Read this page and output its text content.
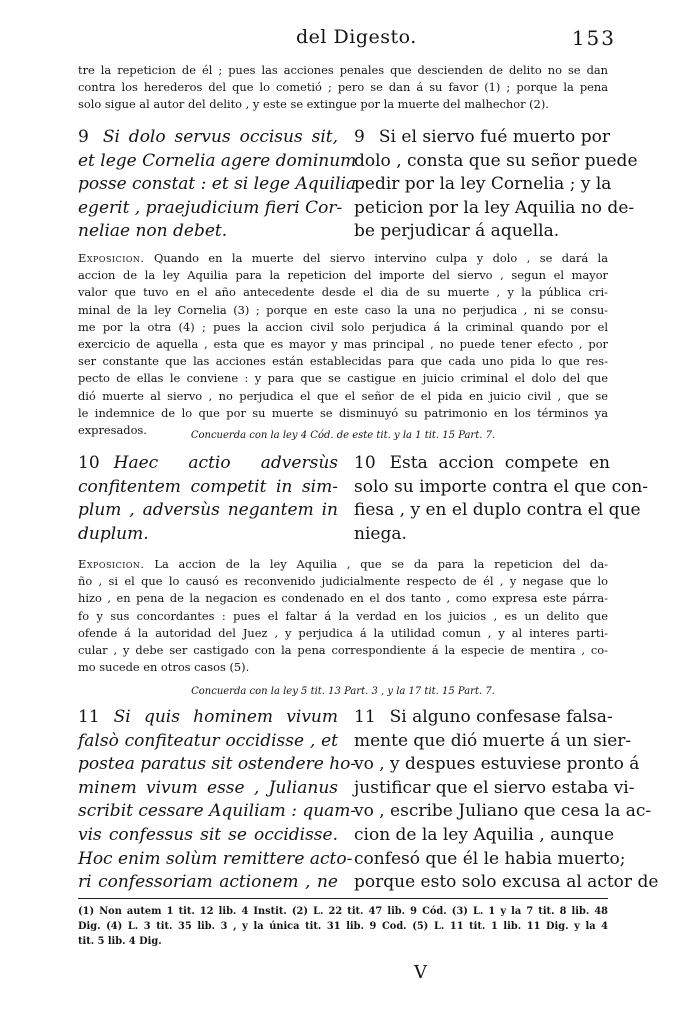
del Digesto.	153
tre la repeticion de él ; pues las acciones penales que descienden de delito no se dan
contra los herederos del que lo cometió ; pero se dan á su favor (1) ; porque la pena
solo sigue al autor del delito , y este se extingue por la muerte del malhechor (2).
9 Si dolo servus occisus sit,
et lege Cornelia agere dominum
posse constat : et si lege Aquilia
egerit , praejudicium fieri Cor-
neliae non debet.
9 Si el siervo fué muerto por
dolo , consta que su señor puede
pedir por la ley Cornelia ; y la
peticion por la ley Aquilia no de-
be perjudicar á aquella.
Exposicion. Quando en la muerte del siervo intervino culpa y dolo , se dará la
accion de la ley Aquilia para la repeticion del importe del siervo , segun el mayor
valor que tuvo en el año antecedente desde el dia de su muerte , y la pública cri-
minal de la ley Cornelia (3) ; porque en este caso la una no perjudica , ni se consu-
me por la otra (4) ; pues la accion civil solo perjudica á la criminal quando por el
exercicio de aquella , esta que es mayor y mas principal , no puede tener efecto , por
ser constante que las acciones están establecidas para que cada uno pida lo que res-
pecto de ellas le conviene : y para que se castigue en juicio criminal el dolo del que
dió muerte al siervo , no perjudica el que el señor de el pida en juicio civil , que se
le indemnice de lo que por su muerte se disminuyó su patrimonio en los términos ya
expresados.	Concuerda con la ley 4 Cód. de este tit. y la 1 tit. 15 Part. 7.
10 Haec actio adversùs
confitentem competit in sim-
plum , adversùs negantem in
duplum.
10 Esta accion compete en
solo su importe contra el que con-
fiesa , y en el duplo contra el que
niega.
Exposicion. La accion de la ley Aquilia , que se da para la repeticion del da-
ño , si el que lo causó es reconvenido judicialmente respecto de él , y negase que lo
hizo , en pena de la negacion es condenado en el dos tanto , como expresa este párra-
fo y sus concordantes : pues el faltar á la verdad en los juicios , es un delito que
ofende á la autoridad del Juez , y perjudica á la utilidad comun , y al interes parti-
cular , y debe ser castigado con la pena correspondiente á la especie de mentira , co-
mo sucede en otros casos (5).
Concuerda con la ley 5 tit. 13 Part. 3 , y la 17 tit. 15 Part. 7.
11 Si quis hominem vivum
falsò confiteatur occidisse , et
postea paratus sit ostendere ho-
minem vivum esse , Julianus
scribit cessare Aquiliam : quam-
vis confessus sit se occidisse.
Hoc enim solùm remittere acto-
ri confessoriam actionem , ne
11 Si alguno confesase falsa-
mente que dió muerte á un sier-
vo , y despues estuviese pronto á
justificar que el siervo estaba vi-
vo , escribe Juliano que cesa la ac-
cion de la ley Aquilia , aunque
confesó que él le habia muerto;
porque esto solo excusa al actor de
(1) Non autem 1 tit. 12 lib. 4 Instit. (2) L. 22 tit. 47 lib. 9 Cód. (3) L. 1 y la 7 tit. 8 lib. 48
Dig. (4) L. 3 tit. 35 lib. 3 , y la única tit. 31 lib. 9 Cod. (5) L. 11 tit. 1 lib. 11 Dig. y la 4
tit. 5 lib. 4 Dig.
V
